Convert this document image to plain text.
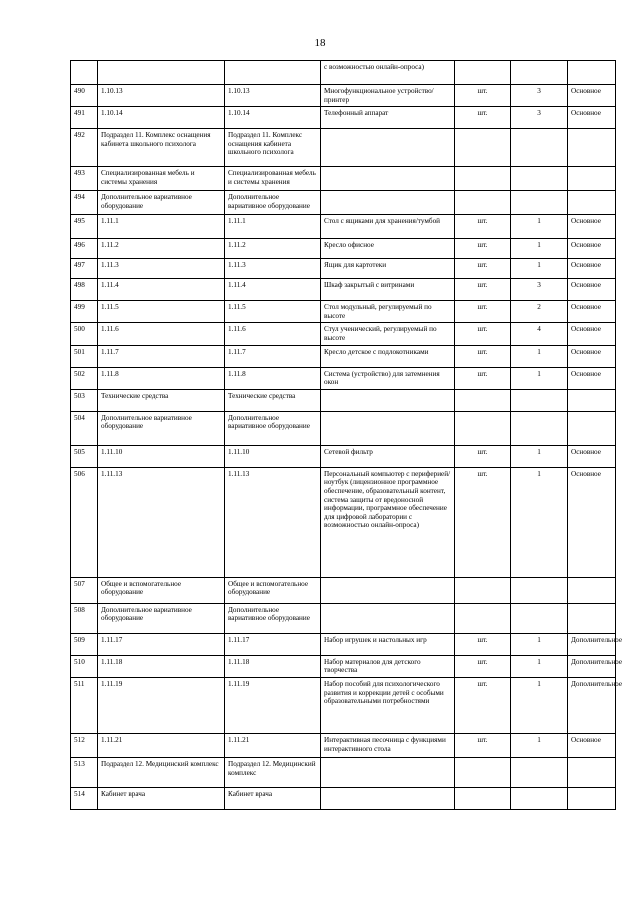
18
			с возможностью онлайн-опроса)			
490	1.10.13	1.10.13	Многофункциональное устройство/принтер	шт.	3	Основное
491	1.10.14	1.10.14	Телефонный аппарат	шт.	3	Основное
492	Подраздел 11. Комплекс оснащения кабинета школьного психолога	Подраздел 11. Комплекс оснащения кабинета школьного психолога				
493	Специализированная мебель и системы хранения	Специализированная мебель и системы хранения				
494	Дополнительное вариативное оборудование	Дополнительное вариативное оборудование				
495	1.11.1	1.11.1	Стол с ящиками для хранения/тумбой	шт.	1	Основное
496	1.11.2	1.11.2	Кресло офисное	шт.	1	Основное
497	1.11.3	1.11.3	Ящик для картотеки	шт.	1	Основное
498	1.11.4	1.11.4	Шкаф закрытый с витринами	шт.	3	Основное
499	1.11.5	1.11.5	Стол модульный, регулируемый по высоте	шт.	2	Основное
500	1.11.6	1.11.6	Стул ученический, регулируемый по высоте	шт.	4	Основное
501	1.11.7	1.11.7	Кресло детское с подлокотниками	шт.	1	Основное
502	1.11.8	1.11.8	Система (устройство) для затемнения окон	шт.	1	Основное
503	Технические средства	Технические средства				
504	Дополнительное вариативное оборудование	Дополнительное вариативное оборудование				
505	1.11.10	1.11.10	Сетевой фильтр	шт.	1	Основное
506	1.11.13	1.11.13	Персональный компьютер с периферией/ноутбук (лицензионное программное обеспечение, образовательный контент, система защиты от вредоносной информации, программное обеспечение для цифровой лаборатории с возможностью онлайн-опроса)	шт.	1	Основное
507	Общее и вспомогательное оборудование	Общее и вспомогательное оборудование				
508	Дополнительное вариативное оборудование	Дополнительное вариативное оборудование				
509	1.11.17	1.11.17	Набор игрушек и настольных игр	шт.	1	Дополнительное
510	1.11.18	1.11.18	Набор материалов для детского творчества	шт.	1	Дополнительное
511	1.11.19	1.11.19	Набор пособий для психологического развития и коррекции детей с особыми образовательными потребностями	шт.	1	Дополнительное
512	1.11.21	1.11.21	Интерактивная песочница с функциями интерактивного стола	шт.	1	Основное
513	Подраздел 12. Медицинский комплекс	Подраздел 12. Медицинский комплекс				
514	Кабинет врача	Кабинет врача				
